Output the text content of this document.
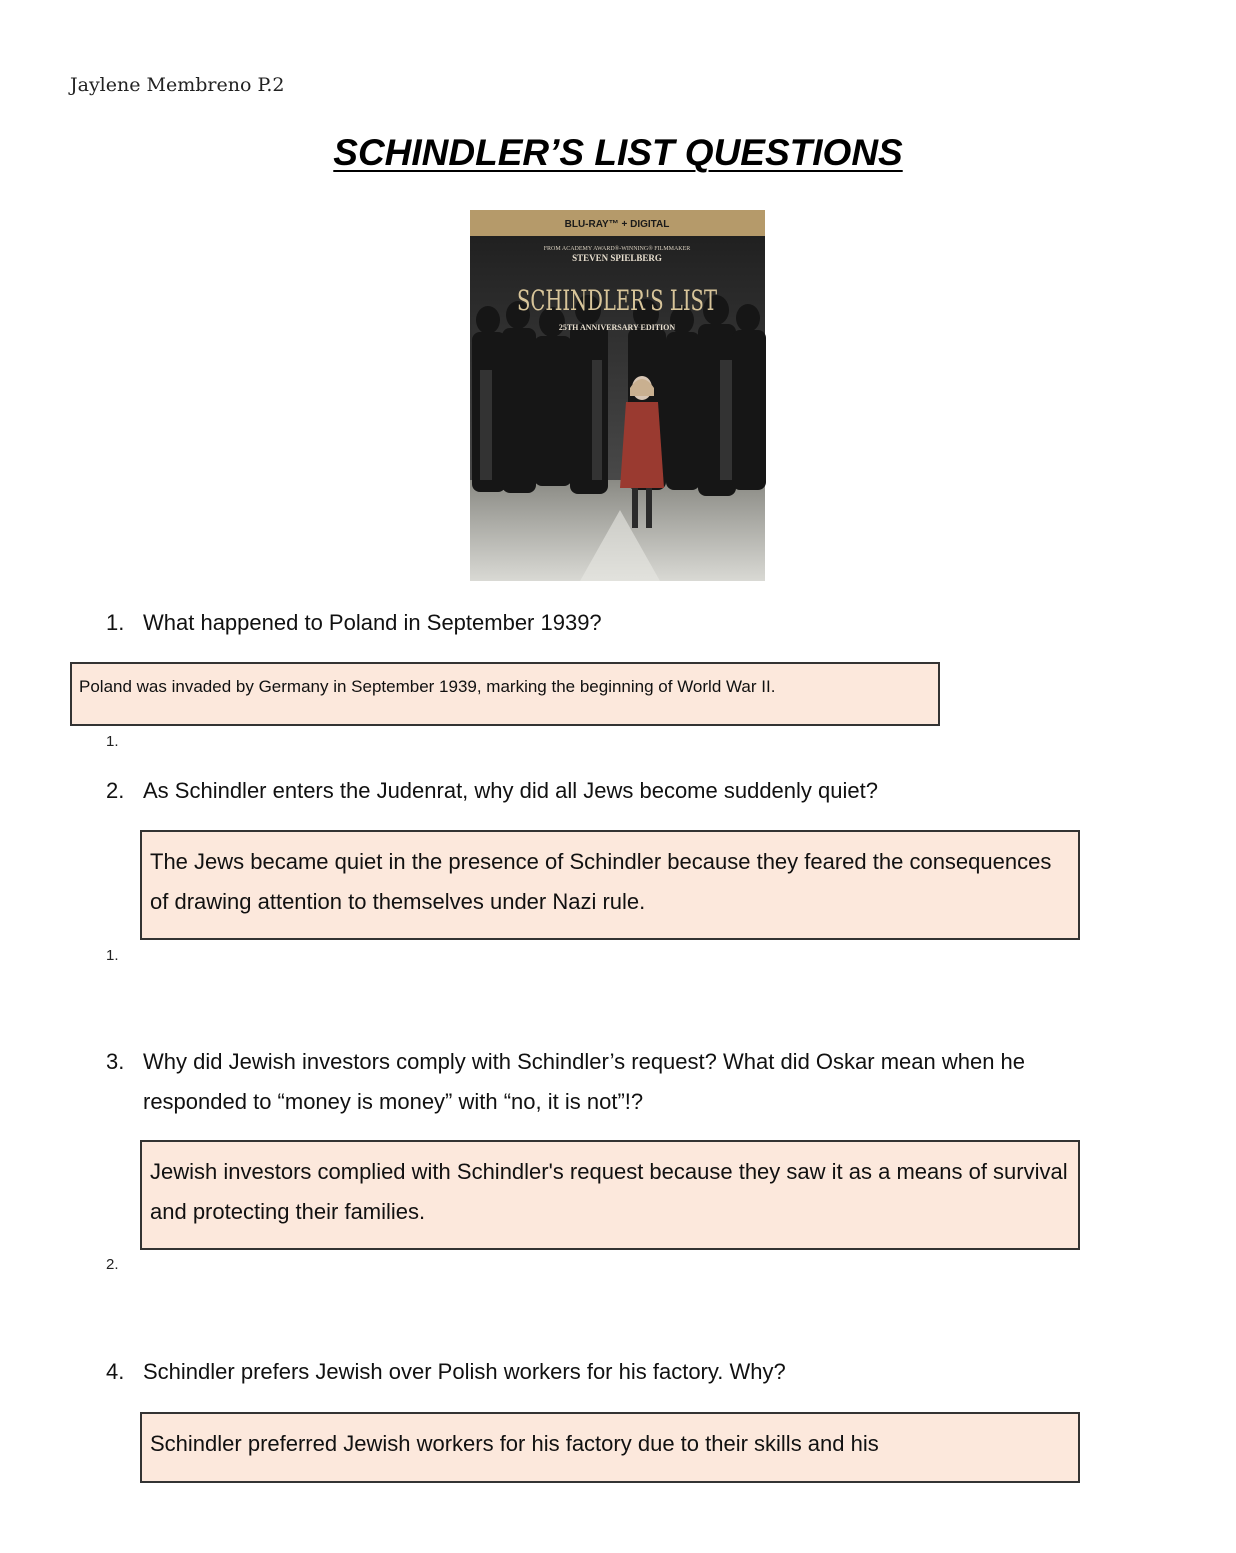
Jaylene Membreno P.2
SCHINDLER’S LIST QUESTIONS
BLU-RAY™ + DIGITAL
FROM ACADEMY AWARD®-WINNING® FILMMAKER
STEVEN SPIELBERG
SCHINDLER'S LIST
25TH ANNIVERSARY EDITION
1. What happened to Poland in September 1939?
Poland was invaded by Germany in September 1939, marking the beginning of World War II.
1.
2. As Schindler enters the Judenrat, why did all Jews become suddenly quiet?
The Jews became quiet in the presence of Schindler because they feared the consequences of drawing attention to themselves under Nazi rule.
1.
3. Why did Jewish investors comply with Schindler’s request? What did Oskar mean when he responded to “money is money” with “no, it is not”!?
Jewish investors complied with Schindler's request because they saw it as a means of survival and protecting their families.
2.
4. Schindler prefers Jewish over Polish workers for his factory. Why?
Schindler preferred Jewish workers for his factory due to their skills and his
